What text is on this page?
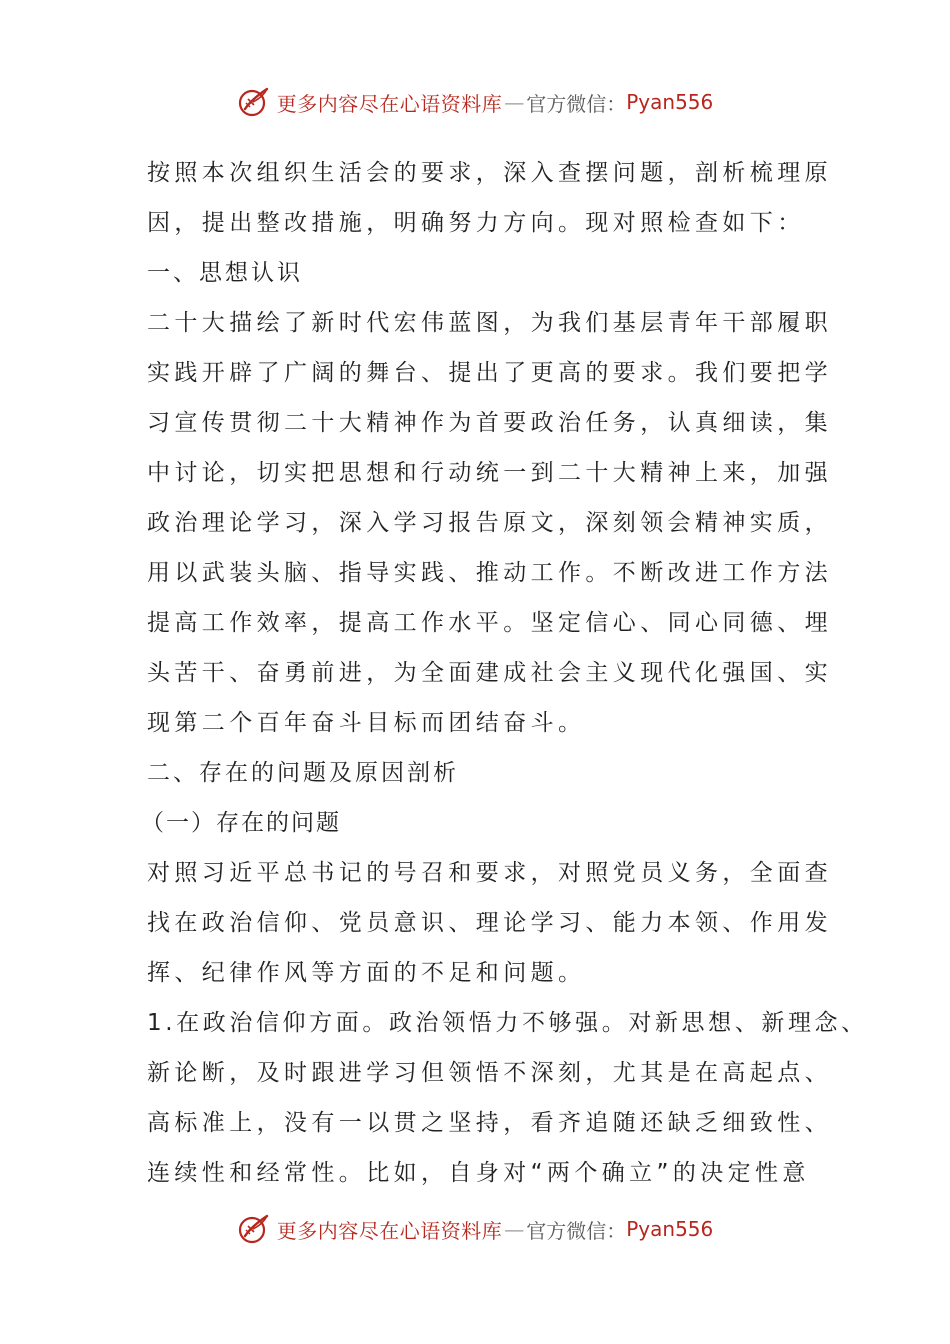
更多内容尽在心语资料库 — 官方微信： Pyan556
按照本次组织生活会的要求，深入查摆问题，剖析梳理原
因，提出整改措施，明确努力方向。现对照检查如下：
一、思想认识
二十大描绘了新时代宏伟蓝图，为我们基层青年干部履职
实践开辟了广阔的舞台、提出了更高的要求。我们要把学
习宣传贯彻二十大精神作为首要政治任务，认真细读，集
中讨论，切实把思想和行动统一到二十大精神上来，加强
政治理论学习，深入学习报告原文，深刻领会精神实质，
用以武装头脑、指导实践、推动工作。不断改进工作方法
提高工作效率，提高工作水平。坚定信心、同心同德、埋
头苦干、奋勇前进，为全面建成社会主义现代化强国、实
现第二个百年奋斗目标而团结奋斗。
二、存在的问题及原因剖析
（一）存在的问题
对照习近平总书记的号召和要求，对照党员义务，全面查
找在政治信仰、党员意识、理论学习、能力本领、作用发
挥、纪律作风等方面的不足和问题。
1.在政治信仰方面。政治领悟力不够强。对新思想、新理念、
新论断，及时跟进学习但领悟不深刻，尤其是在高起点、
高标准上，没有一以贯之坚持，看齐追随还缺乏细致性、
连续性和经常性。比如，自身对“两个确立”的决定性意
更多内容尽在心语资料库 — 官方微信： Pyan556
